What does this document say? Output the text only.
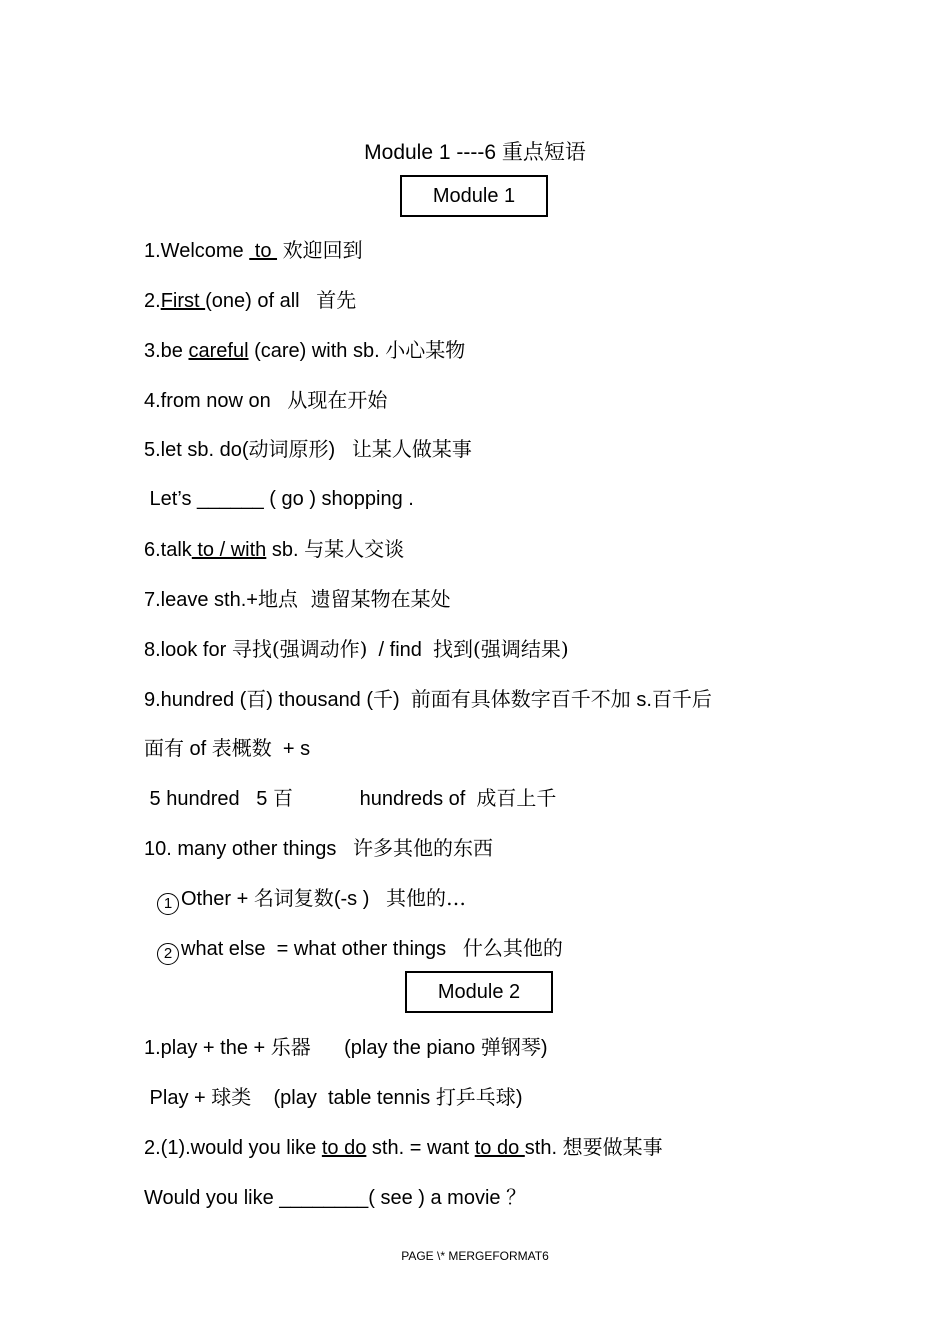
Module 1 ----6 重点短语
Module 1
1.Welcome  to  欢迎回到
2.First (one) of all   首先
3.be careful (care) with sb. 小心某物
4.from now on   从现在开始
5.let sb. do(动词原形)   让某人做某事
Let’s ______ ( go ) shopping .
6.talk to / with sb. 与某人交谈
7.leave sth.+地点  遗留某物在某处
8.look for 寻找(强调动作)  / find  找到(强调结果)
9.hundred (百) thousand (千)  前面有具体数字百千不加 s.百千后
面有 of 表概数  + s
5 hundred   5 百            hundreds of  成百上千
10. many other things   许多其他的东西
1 Other + 名词复数(-s )   其他的…
2 what else  = what other things   什么其他的
Module 2
1.play + the + 乐器      (play the piano 弹钢琴)
Play + 球类    (play  table tennis 打乒乓球)
2.(1).would you like to do sth. = want to do sth. 想要做某事
Would you like ________( see ) a movie ？
PAGE \* MERGEFORMAT6
